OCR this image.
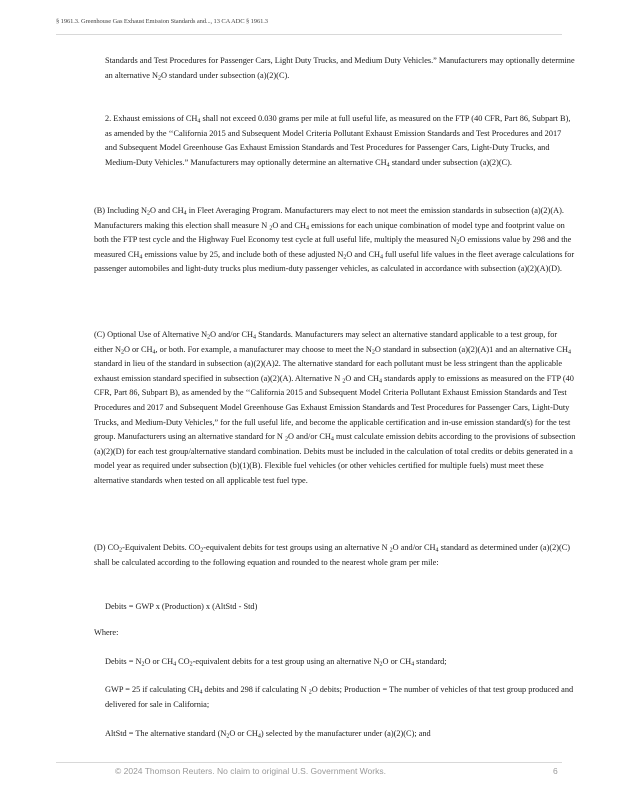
§ 1961.3. Greenhouse Gas Exhaust Emission Standards and..., 13 CA ADC § 1961.3

Standards and Test Procedures for Passenger Cars, Light Duty Trucks, and Medium Duty Vehicles.” Manufacturers may optionally determine an alternative $N_2O$ standard under subsection (a)(2)(C).

2. Exhaust emissions of $CH_4$ shall not exceed 0.030 grams per mile at full useful life, as measured on the FTP (40 CFR, Part 86, Subpart B), as amended by the ‘‘California 2015 and Subsequent Model Criteria Pollutant Exhaust Emission Standards and Test Procedures and 2017 and Subsequent Model Greenhouse Gas Exhaust Emission Standards and Test Procedures for Passenger Cars, Light-Duty Trucks, and Medium-Duty Vehicles.” Manufacturers may optionally determine an alternative $CH_4$ standard under subsection (a)(2)(C).

(B) Including $N_2O$ and $CH_4$ in Fleet Averaging Program. Manufacturers may elect to not meet the emission standards in subsection (a)(2)(A). Manufacturers making this election shall measure N $_2$O and $CH_4$ emissions for each unique combination of model type and footprint value on both the FTP test cycle and the Highway Fuel Economy test cycle at full useful life, multiply the measured $N_2O$ emissions value by 298 and the measured $CH_4$ emissions value by 25, and include both of these adjusted $N_2O$ and $CH_4$ full useful life values in the fleet average calculations for passenger automobiles and light-duty trucks plus medium-duty passenger vehicles, as calculated in accordance with subsection (a)(2)(A)(D).

(C) Optional Use of Alternative $N_2O$ and/or $CH_4$ Standards. Manufacturers may select an alternative standard applicable to a test group, for either $N_2O$ or $CH_4$, or both. For example, a manufacturer may choose to meet the $N_2O$ standard in subsection (a)(2)(A)1 and an alternative $CH_4$ standard in lieu of the standard in subsection (a)(2)(A)2. The alternative standard for each pollutant must be less stringent than the applicable exhaust emission standard specified in subsection (a)(2)(A). Alternative N $_2$O and $CH_4$ standards apply to emissions as measured on the FTP (40 CFR, Part 86, Subpart B), as amended by the ‘‘California 2015 and Subsequent Model Criteria Pollutant Exhaust Emission Standards and Test Procedures and 2017 and Subsequent Model Greenhouse Gas Exhaust Emission Standards and Test Procedures for Passenger Cars, Light-Duty Trucks, and Medium-Duty Vehicles,” for the full useful life, and become the applicable certification and in-use emission standard(s) for the test group. Manufacturers using an alternative standard for N $_2$O and/or $CH_4$ must calculate emission debits according to the provisions of subsection (a)(2)(D) for each test group/alternative standard combination. Debits must be included in the calculation of total credits or debits generated in a model year as required under subsection (b)(1)(B). Flexible fuel vehicles (or other vehicles certified for multiple fuels) must meet these alternative standards when tested on all applicable test fuel type.

(D) $CO_2$-Equivalent Debits. $CO_2$-equivalent debits for test groups using an alternative N $_2$O and/or $CH_4$ standard as determined under (a)(2)(C) shall be calculated according to the following equation and rounded to the nearest whole gram per mile:

Debits = GWP x (Production) x (AltStd - Std)

Where:

Debits = $N_2O$ or $CH_4$ $CO_2$-equivalent debits for a test group using an alternative $N_2O$ or $CH_4$ standard;

GWP = 25 if calculating $CH_4$ debits and 298 if calculating N $_2$O debits; Production = The number of vehicles of that test group produced and delivered for sale in California;

AltStd = The alternative standard ($N_2O$ or $CH_4$) selected by the manufacturer under (a)(2)(C); and

© 2024 Thomson Reuters. No claim to original U.S. Government Works.	6
